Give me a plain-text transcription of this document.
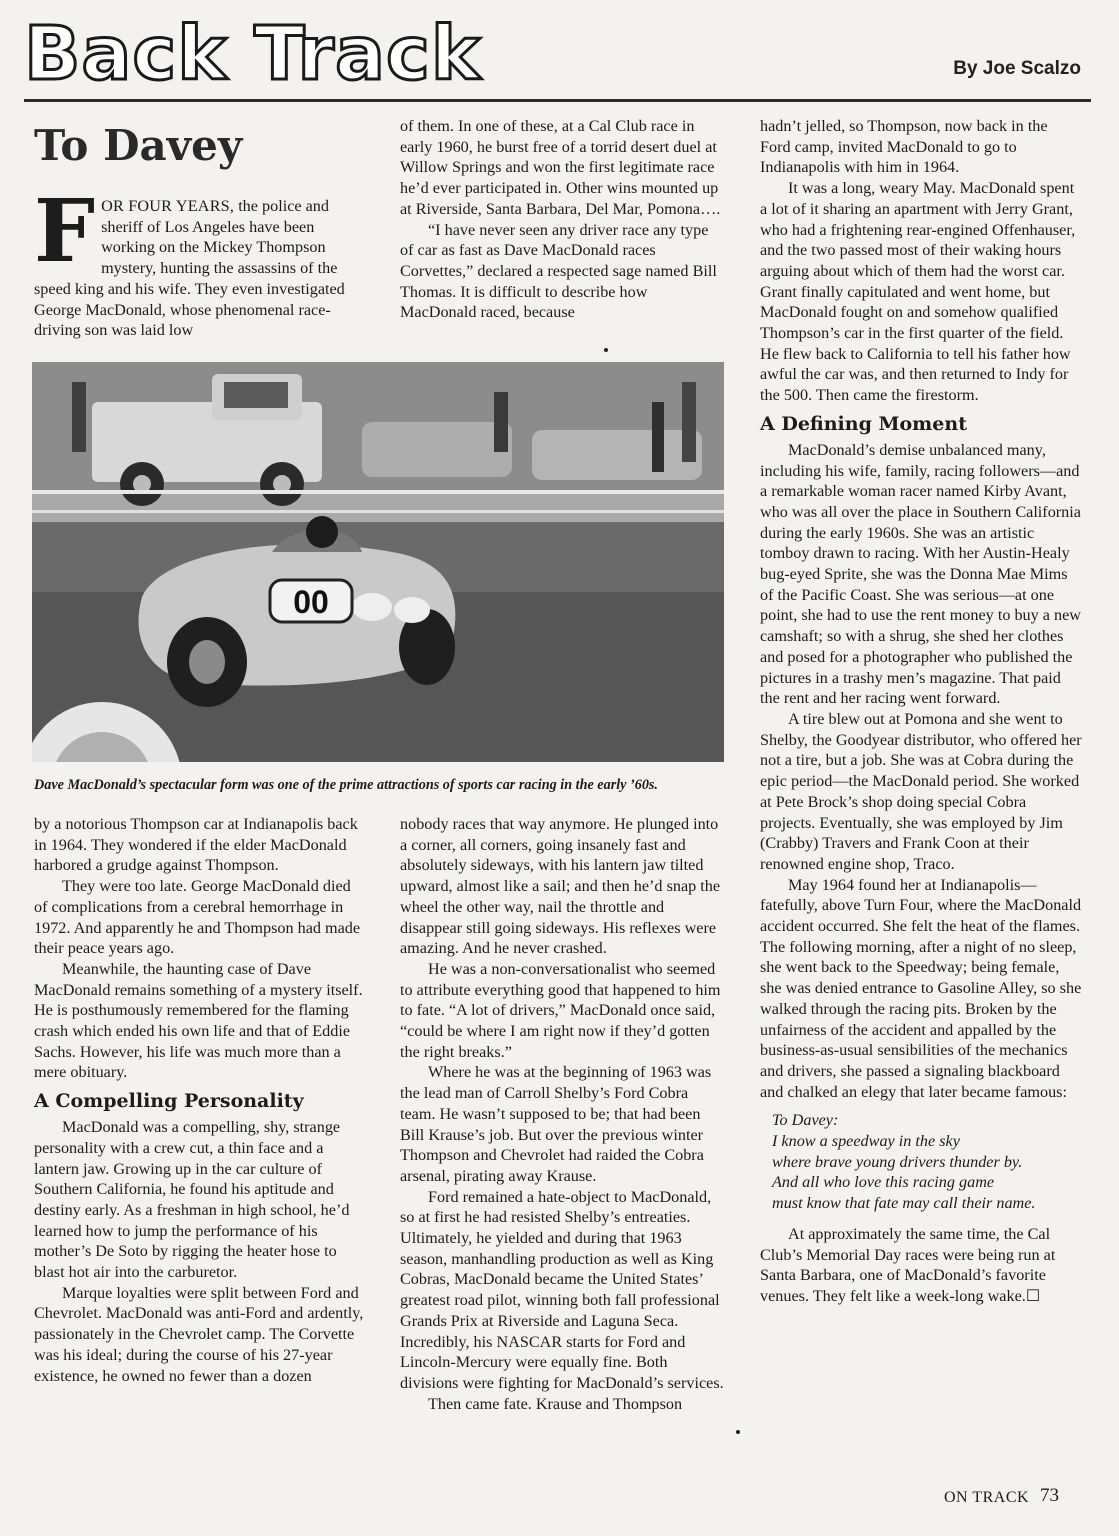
Back Track	By Joe Scalzo
To Davey

FOR FOUR YEARS, the police and sheriff of Los Angeles have been working on the Mickey Thompson mystery, hunting the assassins of the speed king and his wife. They even investigated George MacDonald, whose phenomenal race-driving son was laid low

of them. In one of these, at a Cal Club race in early 1960, he burst free of a torrid desert duel at Willow Springs and won the first legitimate race he’d ever participated in. Other wins mounted up at Riverside, Santa Barbara, Del Mar, Pomona….

“I have never seen any driver race any type of car as fast as Dave MacDonald races Corvettes,” declared a respected sage named Bill Thomas. It is difficult to describe how MacDonald raced, because

00
Dave MacDonald’s spectacular form was one of the prime attractions of sports car racing in the early ’60s.

by a notorious Thompson car at Indianapolis back in 1964. They wondered if the elder MacDonald harbored a grudge against Thompson.

They were too late. George MacDonald died of complications from a cerebral hemorrhage in 1972. And apparently he and Thompson had made their peace years ago.

Meanwhile, the haunting case of Dave MacDonald remains something of a mystery itself. He is posthumously remembered for the flaming crash which ended his own life and that of Eddie Sachs. However, his life was much more than a mere obituary.

A Compelling Personality

MacDonald was a compelling, shy, strange personality with a crew cut, a thin face and a lantern jaw. Growing up in the car culture of Southern California, he found his aptitude and destiny early. As a freshman in high school, he’d learned how to jump the performance of his mother’s De Soto by rigging the heater hose to blast hot air into the carburetor.

Marque loyalties were split between Ford and Chevrolet. MacDonald was anti-Ford and ardently, passionately in the Chevrolet camp. The Corvette was his ideal; during the course of his 27-year existence, he owned no fewer than a dozen

nobody races that way anymore. He plunged into a corner, all corners, going insanely fast and absolutely sideways, with his lantern jaw tilted upward, almost like a sail; and then he’d snap the wheel the other way, nail the throttle and disappear still going sideways. His reflexes were amazing. And he never crashed.

He was a non-conversationalist who seemed to attribute everything good that happened to him to fate. “A lot of drivers,” MacDonald once said, “could be where I am right now if they’d gotten the right breaks.”

Where he was at the beginning of 1963 was the lead man of Carroll Shelby’s Ford Cobra team. He wasn’t supposed to be; that had been Bill Krause’s job. But over the previous winter Thompson and Chevrolet had raided the Cobra arsenal, pirating away Krause.

Ford remained a hate-object to MacDonald, so at first he had resisted Shelby’s entreaties. Ultimately, he yielded and during that 1963 season, manhandling production as well as King Cobras, MacDonald became the United States’ greatest road pilot, winning both fall professional Grands Prix at Riverside and Laguna Seca. Incredibly, his NASCAR starts for Ford and Lincoln-Mercury were equally fine. Both divisions were fighting for MacDonald’s services.

Then came fate. Krause and Thompson

hadn’t jelled, so Thompson, now back in the Ford camp, invited MacDonald to go to Indianapolis with him in 1964.

It was a long, weary May. MacDonald spent a lot of it sharing an apartment with Jerry Grant, who had a frightening rear-engined Offenhauser, and the two passed most of their waking hours arguing about which of them had the worst car. Grant finally capitulated and went home, but MacDonald fought on and somehow qualified Thompson’s car in the first quarter of the field. He flew back to California to tell his father how awful the car was, and then returned to Indy for the 500. Then came the firestorm.

A Defining Moment

MacDonald’s demise unbalanced many, including his wife, family, racing followers—and a remarkable woman racer named Kirby Avant, who was all over the place in Southern California during the early 1960s. She was an artistic tomboy drawn to racing. With her Austin-Healy bug-eyed Sprite, she was the Donna Mae Mims of the Pacific Coast. She was serious—at one point, she had to use the rent money to buy a new camshaft; so with a shrug, she shed her clothes and posed for a photographer who published the pictures in a trashy men’s magazine. That paid the rent and her racing went forward.

A tire blew out at Pomona and she went to Shelby, the Goodyear distributor, who offered her not a tire, but a job. She was at Cobra during the epic period—the MacDonald period. She worked at Pete Brock’s shop doing special Cobra projects. Eventually, she was employed by Jim (Crabby) Travers and Frank Coon at their renowned engine shop, Traco.

May 1964 found her at Indianapolis—fatefully, above Turn Four, where the MacDonald accident occurred. She felt the heat of the flames. The following morning, after a night of no sleep, she went back to the Speedway; being female, she was denied entrance to Gasoline Alley, so she walked through the racing pits. Broken by the unfairness of the accident and appalled by the business-as-usual sensibilities of the mechanics and drivers, she passed a signaling blackboard and chalked an elegy that later became famous:

To Davey:
I know a speedway in the sky
where brave young drivers thunder by.
And all who love this racing game
must know that fate may call their name.

At approximately the same time, the Cal Club’s Memorial Day races were being run at Santa Barbara, one of MacDonald’s favorite venues. They felt like a week-long wake.☐

ON TRACK 73
